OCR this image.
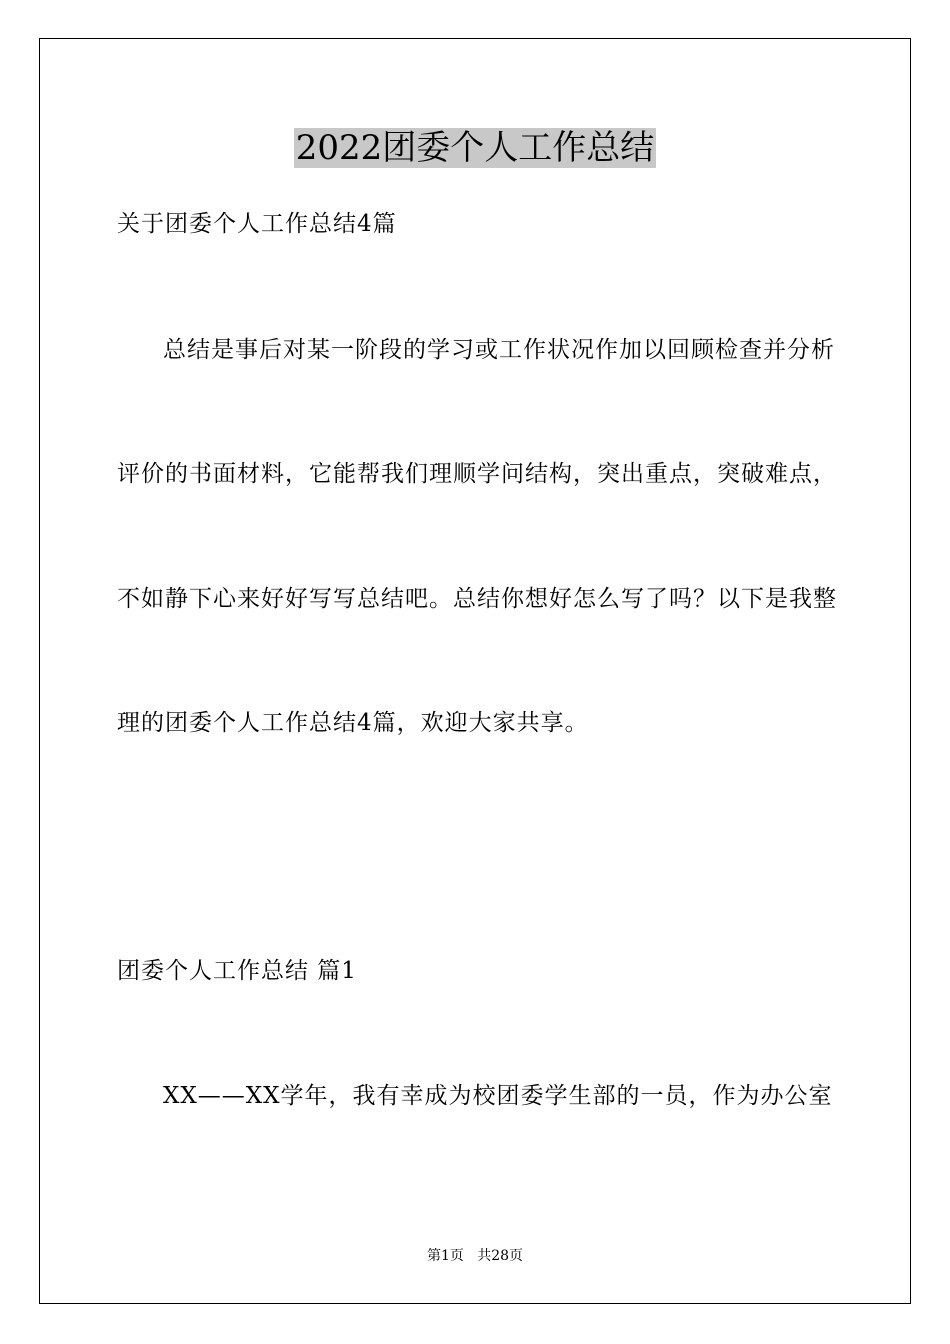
2022团委个人工作总结
关于团委个人工作总结4篇
总结是事后对某一阶段的学习或工作状况作加以回顾检查并分析
评价的书面材料，它能帮我们理顺学问结构，突出重点，突破难点，
不如静下心来好好写写总结吧。总结你想好怎么写了吗？以下是我整
理的团委个人工作总结4篇，欢迎大家共享。
团委个人工作总结 篇1
XX——XX学年，我有幸成为校团委学生部的一员，作为办公室
第1页   共28页
